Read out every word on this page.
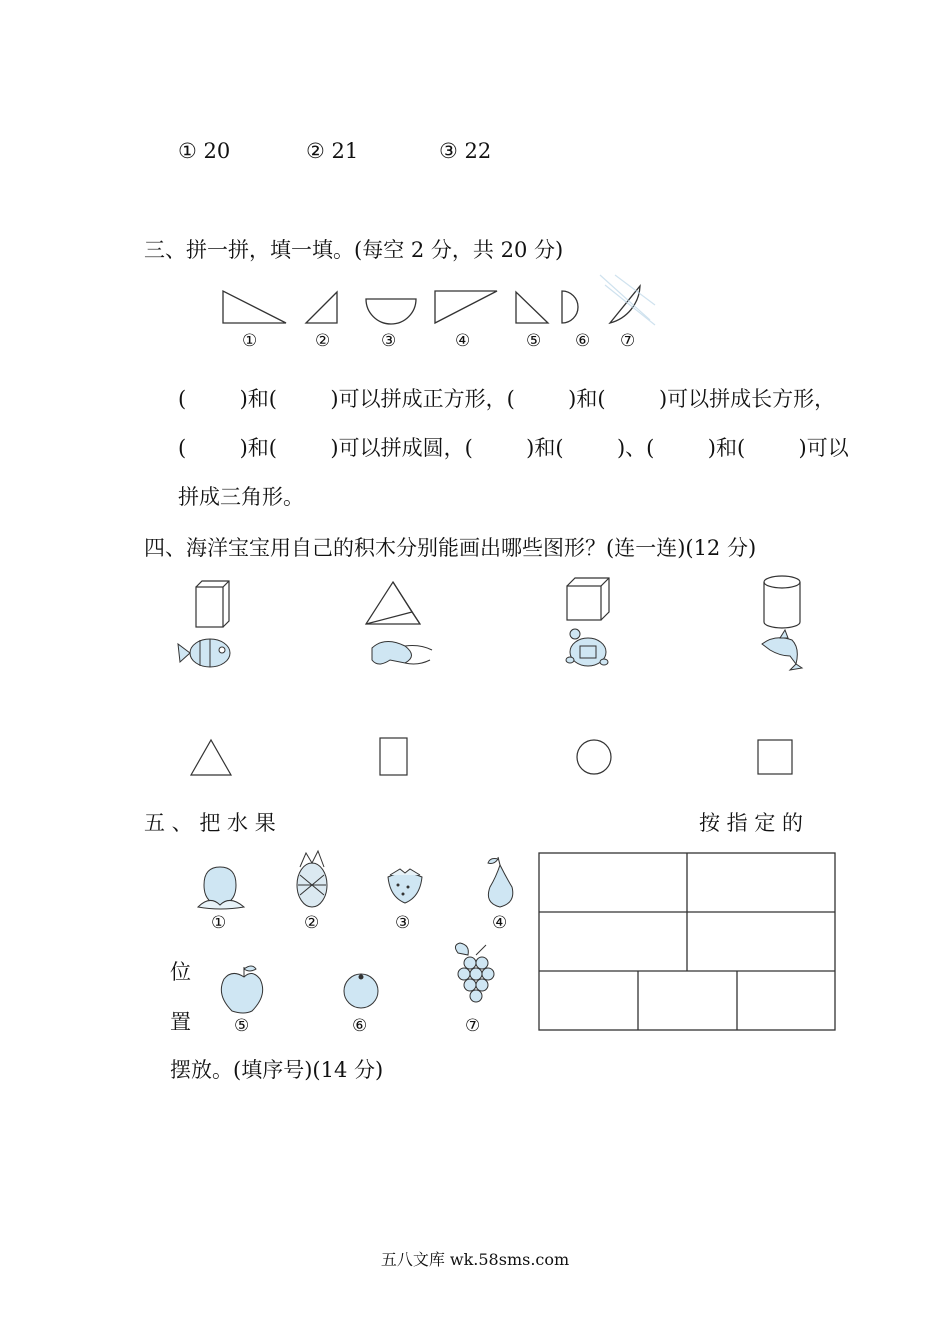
① 20	② 21	③ 22
三、拼一拼，填一填。(每空 2 分，共 20 分)
①	②	③	④	⑤ ⑥ ⑦
(        )和(        )可以拼成正方形，(        )和(        )可以拼成长方形，
(        )和(        )可以拼成圆，(        )和(        )、(        )和(        )可以
拼成三角形。
四、海洋宝宝用自己的积木分别能画出哪些图形？(连一连)(12 分)
五 、 把 水 果	按 指 定 的
①	②	③	④
⑤	⑥	⑦
位
置
摆放。(填序号)(14 分)
五八文库 wk.58sms.com
